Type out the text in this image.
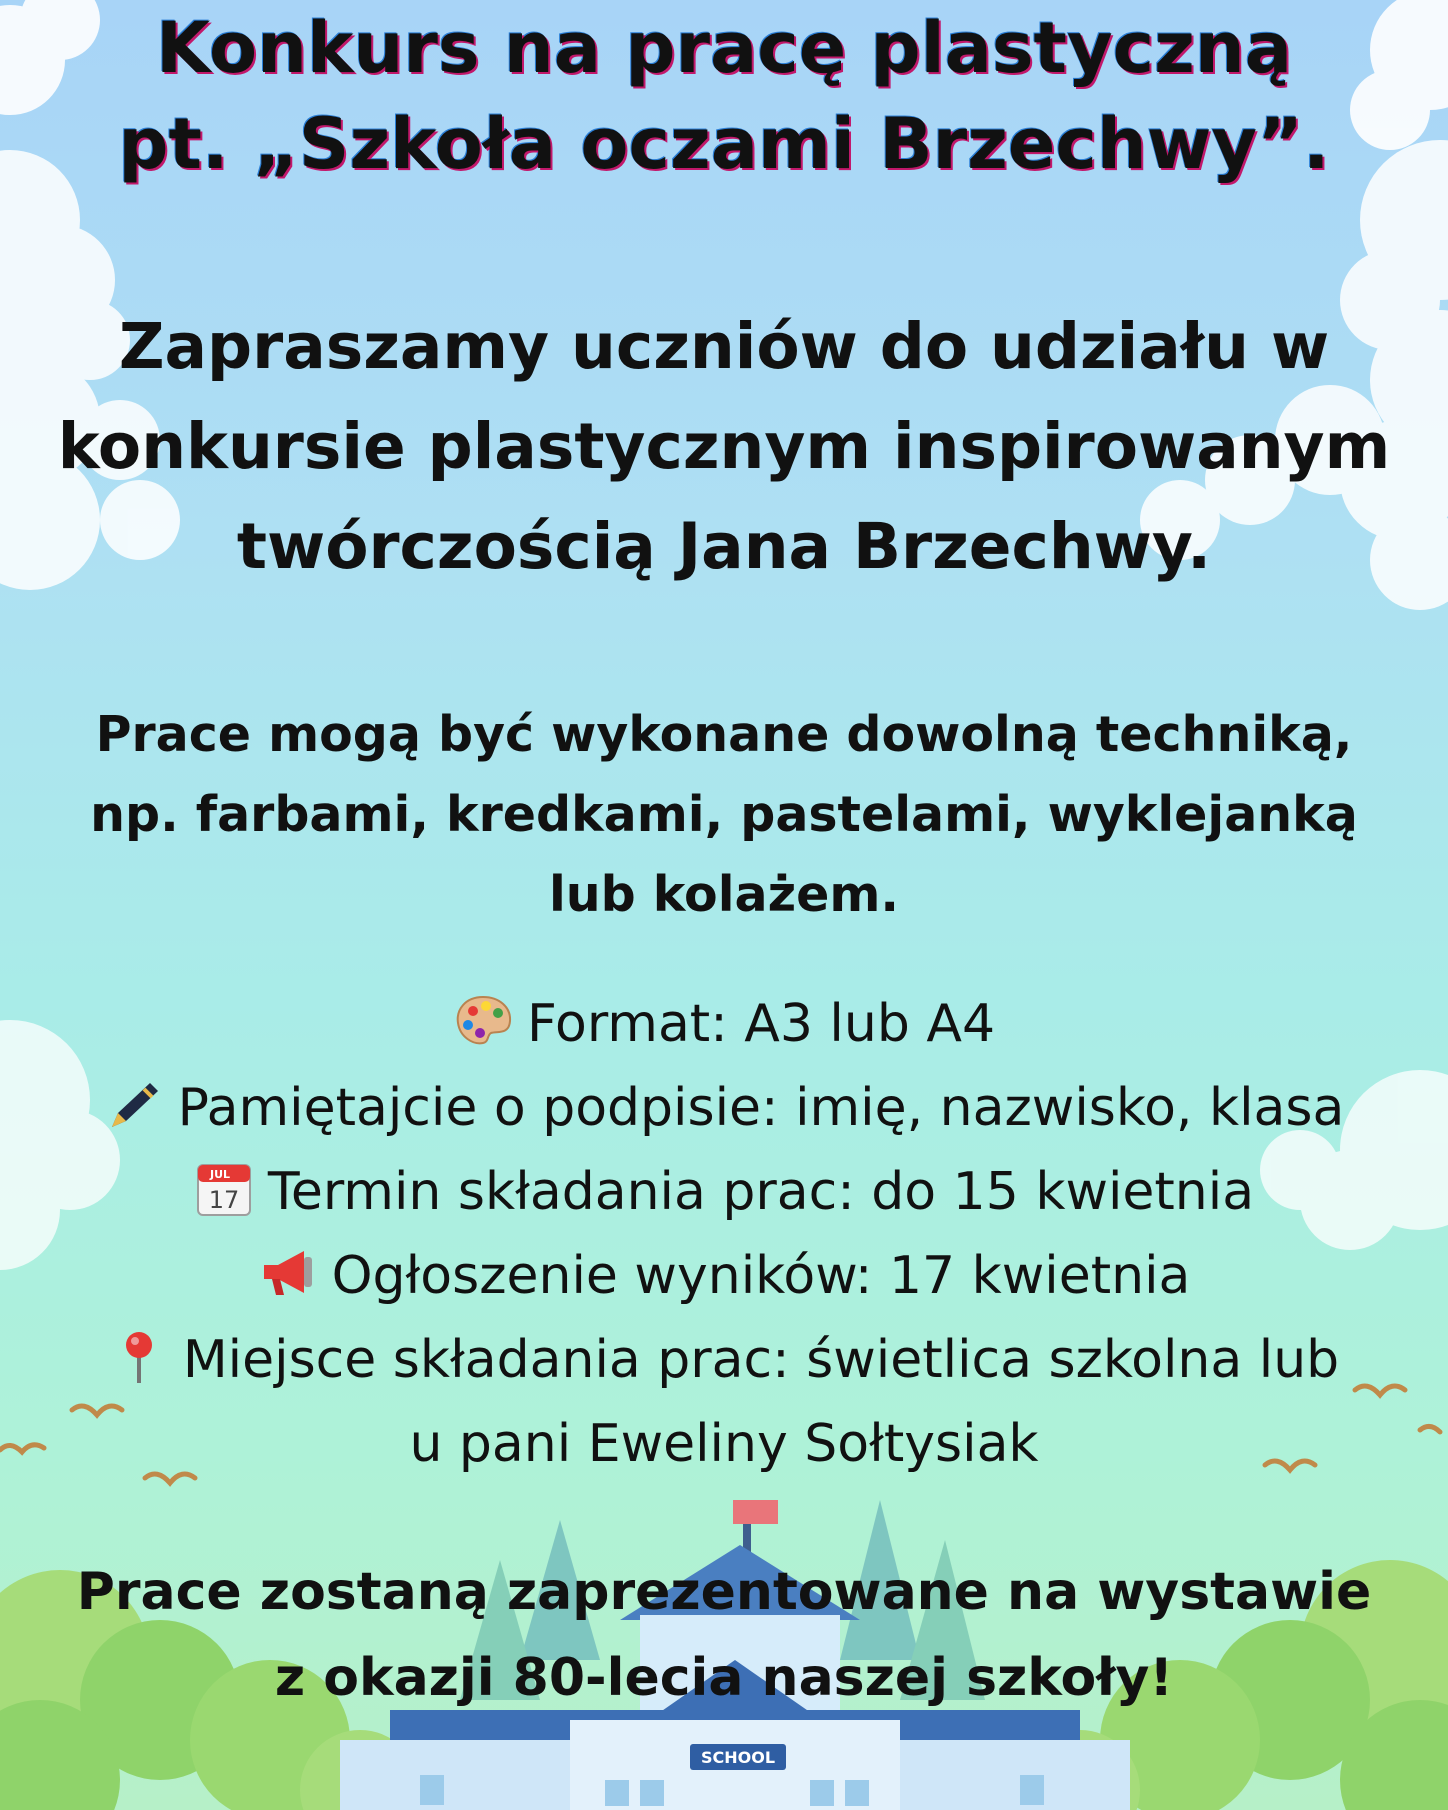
SCHOOL
Konkurs na pracę plastyczną
pt. „Szkoła oczami Brzechwy”.

Zapraszamy uczniów do udziału w
konkursie plastycznym inspirowanym
twórczością Jana Brzechwy.

Prace mogą być wykonane dowolną techniką,
np. farbami, kredkami, pastelami, wyklejanką
lub kolażem.

Format: A3 lub A4
Pamiętajcie o podpisie: imię, nazwisko, klasa
JUL
17 Termin składania prac: do 15 kwietnia
Ogłoszenie wyników: 17 kwietnia
Miejsce składania prac: świetlica szkolna lub
u pani Eweliny Sołtysiak

Prace zostaną zaprezentowane na wystawie
z okazji 80-lecia naszej szkoły!
